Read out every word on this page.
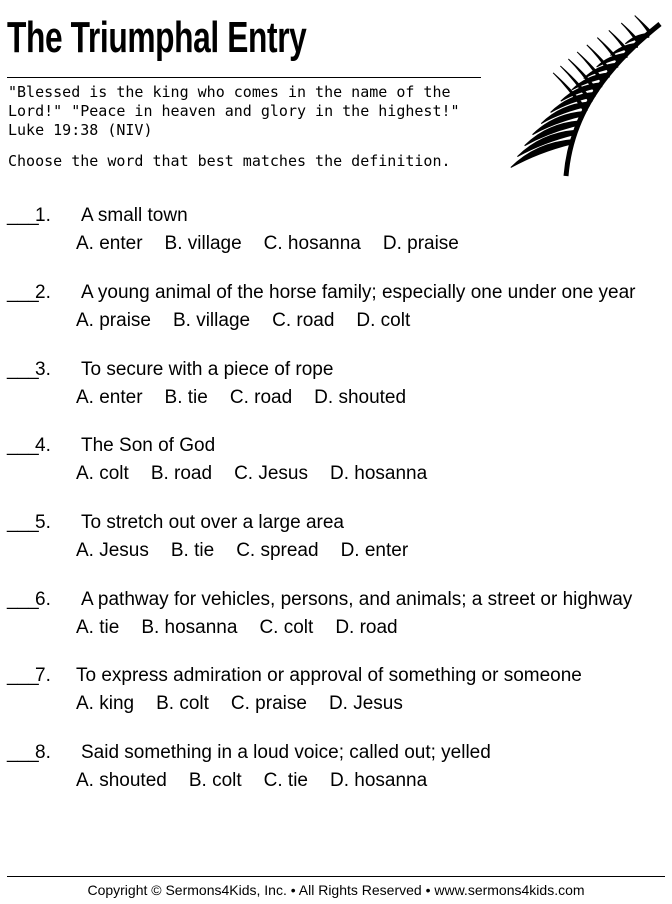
The Triumphal Entry
"Blessed is the king who comes in the name of the
Lord!" "Peace in heaven and glory in the highest!"
Luke 19:38 (NIV)
Choose the word that best matches the definition.
___
1. A small town
A. enter B. village C. hosanna D. praise
___
2. A young animal of the horse family; especially one under one year
A. praise B. village C. road D. colt
___
3. To secure with a piece of rope
A. enter B. tie C. road D. shouted
___
4. The Son of God
A. colt B. road C. Jesus D. hosanna
___
5. To stretch out over a large area
A. Jesus B. tie C. spread D. enter
___
6. A pathway for vehicles, persons, and animals; a street or highway
A. tie B. hosanna C. colt D. road
___
7. To express admiration or approval of something or someone
A. king B. colt C. praise D. Jesus
___
8. Said something in a loud voice; called out; yelled
A. shouted B. colt C. tie D. hosanna
Copyright © Sermons4Kids, Inc. • All Rights Reserved • www.sermons4kids.com
